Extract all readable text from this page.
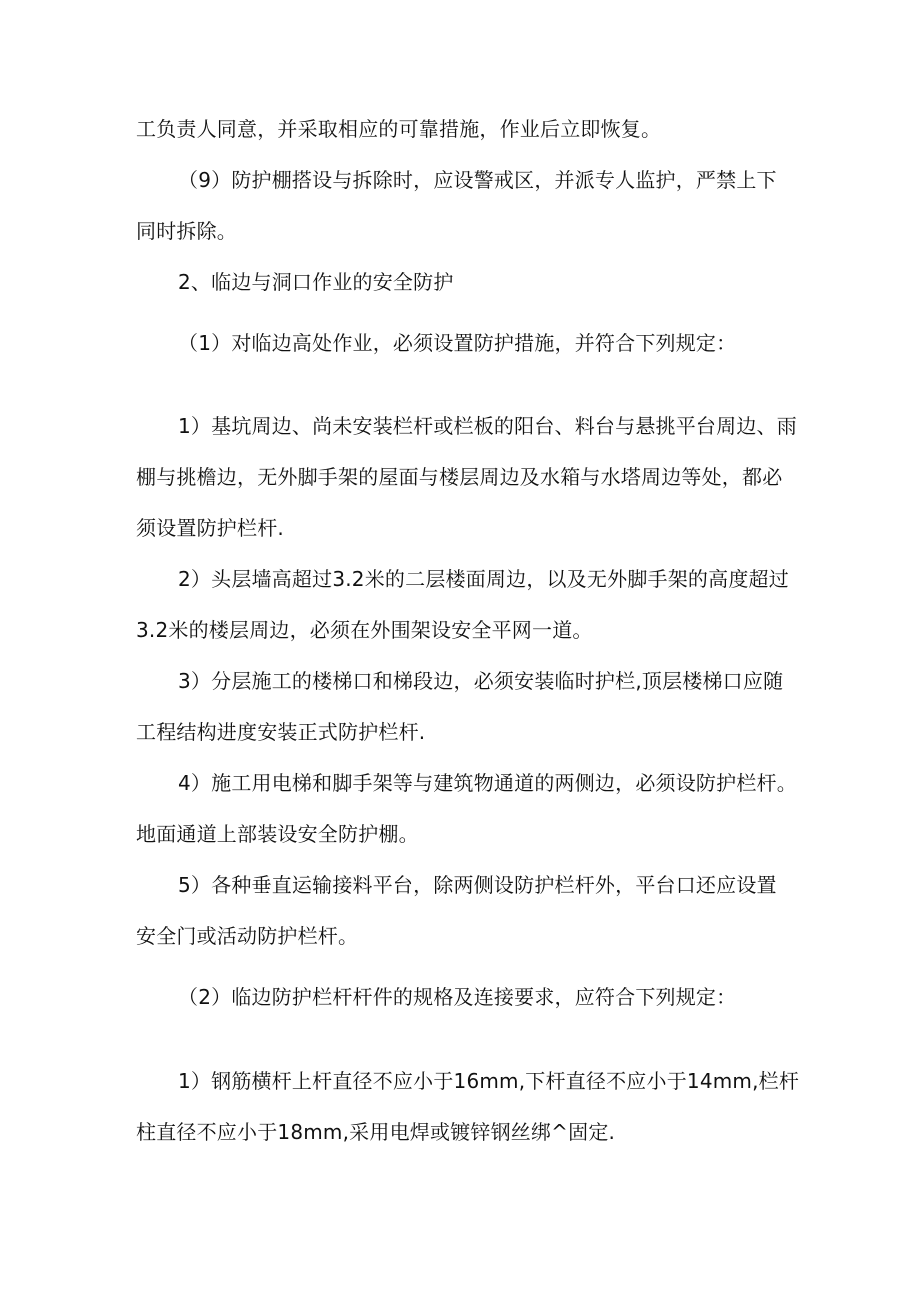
工负责人同意，并采取相应的可靠措施，作业后立即恢复。
（9）防护棚搭设与拆除时，应设警戒区，并派专人监护，严禁上下
同时拆除。
2、临边与洞口作业的安全防护
（1）对临边高处作业，必须设置防护措施，并符合下列规定：
1）基坑周边、尚未安装栏杆或栏板的阳台、料台与悬挑平台周边、雨
棚与挑檐边，无外脚手架的屋面与楼层周边及水箱与水塔周边等处，都必
须设置防护栏杆.
2）头层墙高超过3.2米的二层楼面周边，以及无外脚手架的高度超过
3.2米的楼层周边，必须在外围架设安全平网一道。
3）分层施工的楼梯口和梯段边，必须安装临时护栏,顶层楼梯口应随
工程结构进度安装正式防护栏杆.
4）施工用电梯和脚手架等与建筑物通道的两侧边，必须设防护栏杆。
地面通道上部装设安全防护棚。
5）各种垂直运输接料平台，除两侧设防护栏杆外，平台口还应设置
安全门或活动防护栏杆。
（2）临边防护栏杆杆件的规格及连接要求，应符合下列规定：
1）钢筋横杆上杆直径不应小于16mm,下杆直径不应小于14mm,栏杆
柱直径不应小于18mm,采用电焊或镀锌钢丝绑^固定.
